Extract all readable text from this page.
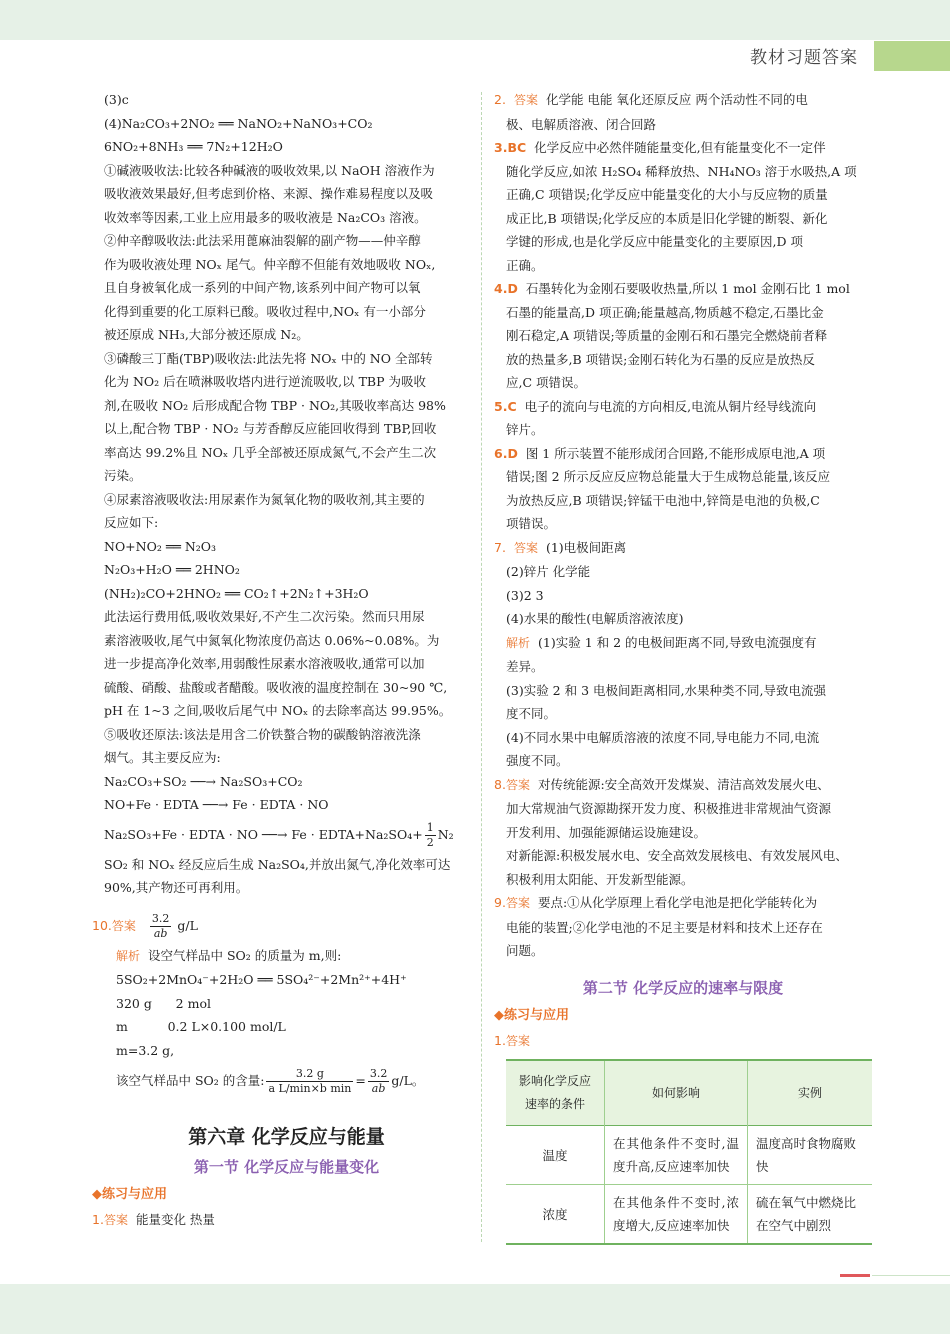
教材习题答案
(3)c
(4)Na₂CO₃+2NO₂ ══ NaNO₂+NaNO₃+CO₂
6NO₂+8NH₃ ══ 7N₂+12H₂O
①碱液吸收法:比较各种碱液的吸收效果,以 NaOH 溶液作为
吸收液效果最好,但考虑到价格、来源、操作难易程度以及吸
收效率等因素,工业上应用最多的吸收液是 Na₂CO₃ 溶液。
②仲辛醇吸收法:此法采用蓖麻油裂解的副产物——仲辛醇
作为吸收液处理 NOₓ 尾气。仲辛醇不但能有效地吸收 NOₓ,
且自身被氧化成一系列的中间产物,该系列中间产物可以氧
化得到重要的化工原料已酸。吸收过程中,NOₓ 有一小部分
被还原成 NH₃,大部分被还原成 N₂。
③磷酸三丁酯(TBP)吸收法:此法先将 NOₓ 中的 NO 全部转
化为 NO₂ 后在喷淋吸收塔内进行逆流吸收,以 TBP 为吸收
剂,在吸收 NO₂ 后形成配合物 TBP · NO₂,其吸收率高达 98%
以上,配合物 TBP · NO₂ 与芳香醇反应能回收得到 TBP,回收
率高达 99.2%且 NOₓ 几乎全部被还原成氮气,不会产生二次
污染。
④尿素溶液吸收法:用尿素作为氮氧化物的吸收剂,其主要的
反应如下:
NO+NO₂ ══ N₂O₃
N₂O₃+H₂O ══ 2HNO₂
(NH₂)₂CO+2HNO₂ ══ CO₂↑+2N₂↑+3H₂O
此法运行费用低,吸收效果好,不产生二次污染。然而只用尿
素溶液吸收,尾气中氮氧化物浓度仍高达 0.06%~0.08%。为
进一步提高净化效率,用弱酸性尿素水溶液吸收,通常可以加
硫酸、硝酸、盐酸或者醋酸。吸收液的温度控制在 30~90 ℃,
pH 在 1~3 之间,吸收后尾气中 NOₓ 的去除率高达 99.95%。
⑤吸收还原法:该法是用含二价铁螯合物的碳酸钠溶液洗涤
烟气。其主要反应为:
Na₂CO₃+SO₂ ──→ Na₂SO₃+CO₂
NO+Fe · EDTA ──→ Fe · EDTA · NO
Na₂SO₃+Fe · EDTA · NO ──→ Fe · EDTA+Na₂SO₄+ $\frac{1}{2} N_2$
SO₂ 和 NOₓ 经反应后生成 Na₂SO₄,并放出氮气,净化效率可达
90%,其产物还可再利用。
10.答案 $\frac{3.2}{ab} g/L$
解析 设空气样品中 SO₂ 的质量为 m,则:
5SO₂+2MnO₄⁻+2H₂O ══ 5SO₄²⁻+2Mn²⁺+4H⁺
320 g      2 mol
m          0.2 L×0.100 mol/L
m=3.2 g,
该空气样品中 SO₂ 的含量: $\frac{3.2 g}{\text{a L/min×b min}} = \frac{3.2}{ab} g/L$。
第六章 化学反应与能量
第一节 化学反应与能量变化
◆练习与应用
1.答案 能量变化 热量
2. 答案 化学能 电能 氧化还原反应 两个活动性不同的电
极、电解质溶液、闭合回路
3.BC 化学反应中必然伴随能量变化,但有能量变化不一定伴
随化学反应,如浓 H₂SO₄ 稀释放热、NH₄NO₃ 溶于水吸热,A 项
正确,C 项错误;化学反应中能量变化的大小与反应物的质量
成正比,B 项错误;化学反应的本质是旧化学键的断裂、新化
学键的形成,也是化学反应中能量变化的主要原因,D 项
正确。
4.D 石墨转化为金刚石要吸收热量,所以 1 mol 金刚石比 1 mol
石墨的能量高,D 项正确;能量越高,物质越不稳定,石墨比金
刚石稳定,A 项错误;等质量的金刚石和石墨完全燃烧前者释
放的热量多,B 项错误;金刚石转化为石墨的反应是放热反
应,C 项错误。
5.C 电子的流向与电流的方向相反,电流从铜片经导线流向
锌片。
6.D 图 1 所示装置不能形成闭合回路,不能形成原电池,A 项
错误;图 2 所示反应反应物总能量大于生成物总能量,该反应
为放热反应,B 项错误;锌锰干电池中,锌筒是电池的负极,C
项错误。
7. 答案 (1)电极间距离
(2)锌片 化学能
(3)2 3
(4)水果的酸性(电解质溶液浓度)
解析 (1)实验 1 和 2 的电极间距离不同,导致电流强度有
差异。
(3)实验 2 和 3 电极间距离相同,水果种类不同,导致电流强
度不同。
(4)不同水果中电解质溶液的浓度不同,导电能力不同,电流
强度不同。
8.答案 对传统能源:安全高效开发煤炭、清洁高效发展火电、
加大常规油气资源勘探开发力度、积极推进非常规油气资源
开发利用、加强能源储运设施建设。
对新能源:积极发展水电、安全高效发展核电、有效发展风电、
积极利用太阳能、开发新型能源。
9.答案 要点:①从化学原理上看化学电池是把化学能转化为
电能的装置;②化学电池的不足主要是材料和技术上还存在
问题。
第二节 化学反应的速率与限度
◆练习与应用
1.答案
影响化学反应速率的条件	如何影响	实例
温度	在其他条件不变时,温度升高,反应速率加快	温度高时食物腐败快
浓度	在其他条件不变时,浓度增大,反应速率加快	硫在氧气中燃烧比在空气中剧烈
